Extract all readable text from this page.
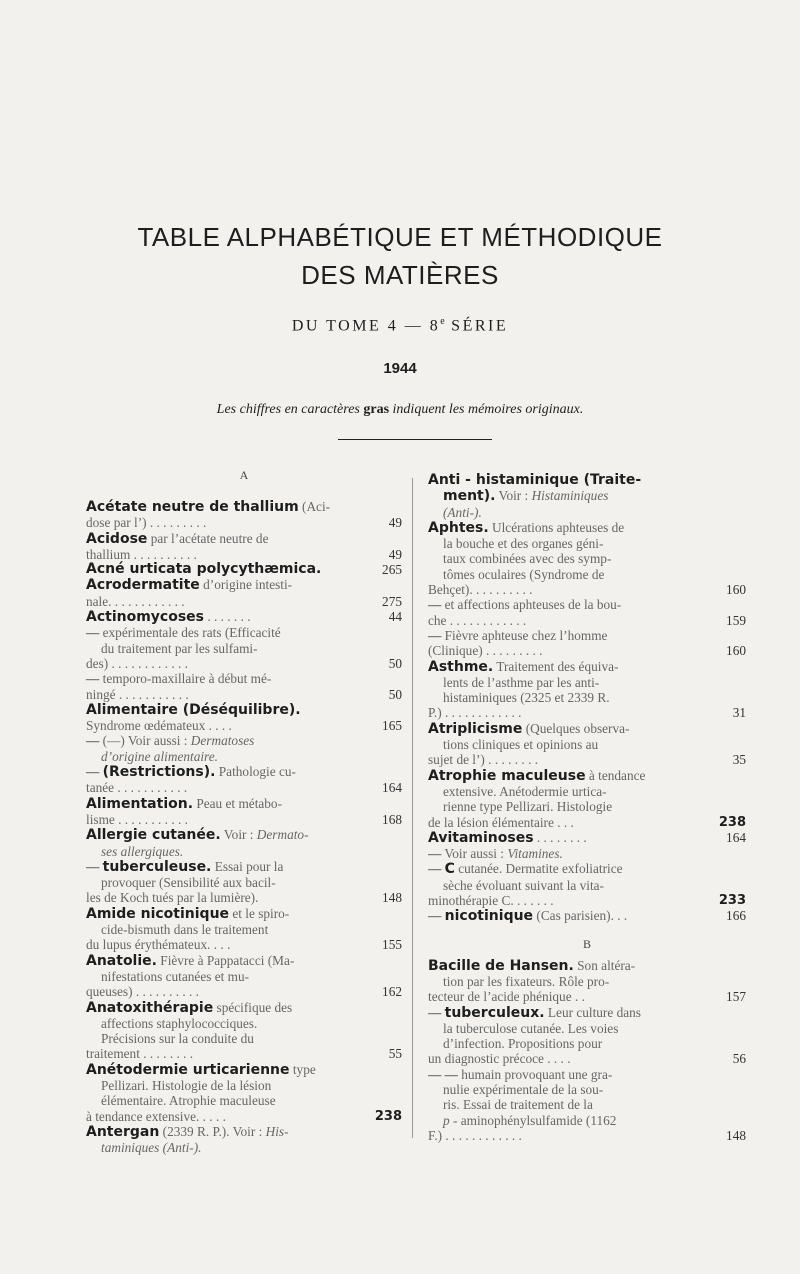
TABLE ALPHABÉTIQUE ET MÉTHODIQUE
DES MATIÈRES
DU TOME 4 — 8e SÉRIE
1944
Les chiffres en caractères gras indiquent les mémoires originaux.
A
Acétate neutre de thallium (Aci-
dose par l’) . . . . . . . . .	49
Acidose par l’acétate neutre de
thallium . . . . . . . . . .	49
Acné urticata polycythæmica.	265
Acrodermatite d’origine intesti-
nale. . . . . . . . . . . .	275
Actinomycoses . . . . . . .	44
— expérimentale des rats (Efficacité
du traitement par les sulfami-
des) . . . . . . . . . . . .	50
— temporo-maxillaire à début mé-
ningé . . . . . . . . . . .	50
Alimentaire (Déséquilibre).
Syndrome œdémateux . . . .	165
— (—) Voir aussi : Dermatoses
d’origine alimentaire.
— (Restrictions). Pathologie cu-
tanée . . . . . . . . . . .	164
Alimentation. Peau et métabo-
lisme . . . . . . . . . . .	168
Allergie cutanée. Voir : Dermato-
ses allergiques.
— tuberculeuse. Essai pour la
provoquer (Sensibilité aux bacil-
les de Koch tués par la lumière).	148
Amide nicotinique et le spiro-
cide-bismuth dans le traitement
du lupus érythémateux. . . .	155
Anatolie. Fièvre à Pappatacci (Ma-
nifestations cutanées et mu-
queuses) . . . . . . . . . .	162
Anatoxithérapie spécifique des
affections staphylococciques.
Précisions sur la conduite du
traitement . . . . . . . .	55
Anétodermie urticarienne type
Pellizari. Histologie de la lésion
élémentaire. Atrophie maculeuse
à tendance extensive. . . . .	238
Antergan (2339 R. P.). Voir : His-
taminiques (Anti-).
Anti - histaminique (Traite-
ment). Voir : Histaminiques
(Anti-).
Aphtes. Ulcérations aphteuses de
la bouche et des organes géni-
taux combinées avec des symp-
tômes oculaires (Syndrome de
Behçet). . . . . . . . . .	160
— et affections aphteuses de la bou-
che . . . . . . . . . . . .	159
— Fièvre aphteuse chez l’homme
(Clinique) . . . . . . . . .	160
Asthme. Traitement des équiva-
lents de l’asthme par les anti-
histaminiques (2325 et 2339 R.
P.) . . . . . . . . . . . .	31
Atriplicisme (Quelques observa-
tions cliniques et opinions au
sujet de l’) . . . . . . . .	35
Atrophie maculeuse à tendance
extensive. Anétodermie urtica-
rienne type Pellizari. Histologie
de la lésion élémentaire . . .	238
Avitaminoses . . . . . . . .	164
— Voir aussi : Vitamines.
— C cutanée. Dermatite exfoliatrice
sèche évoluant suivant la vita-
minothérapie C. . . . . . .	233
— nicotinique (Cas parisien). . .	166
B
Bacille de Hansen. Son altéra-
tion par les fixateurs. Rôle pro-
tecteur de l’acide phénique . .	157
— tuberculeux. Leur culture dans
la tuberculose cutanée. Les voies
d’infection. Propositions pour
un diagnostic précoce . . . .	56
— — humain provoquant une gra-
nulie expérimentale de la sou-
ris. Essai de traitement de la
p - aminophénylsulfamide (1162
F.) . . . . . . . . . . . .	148
